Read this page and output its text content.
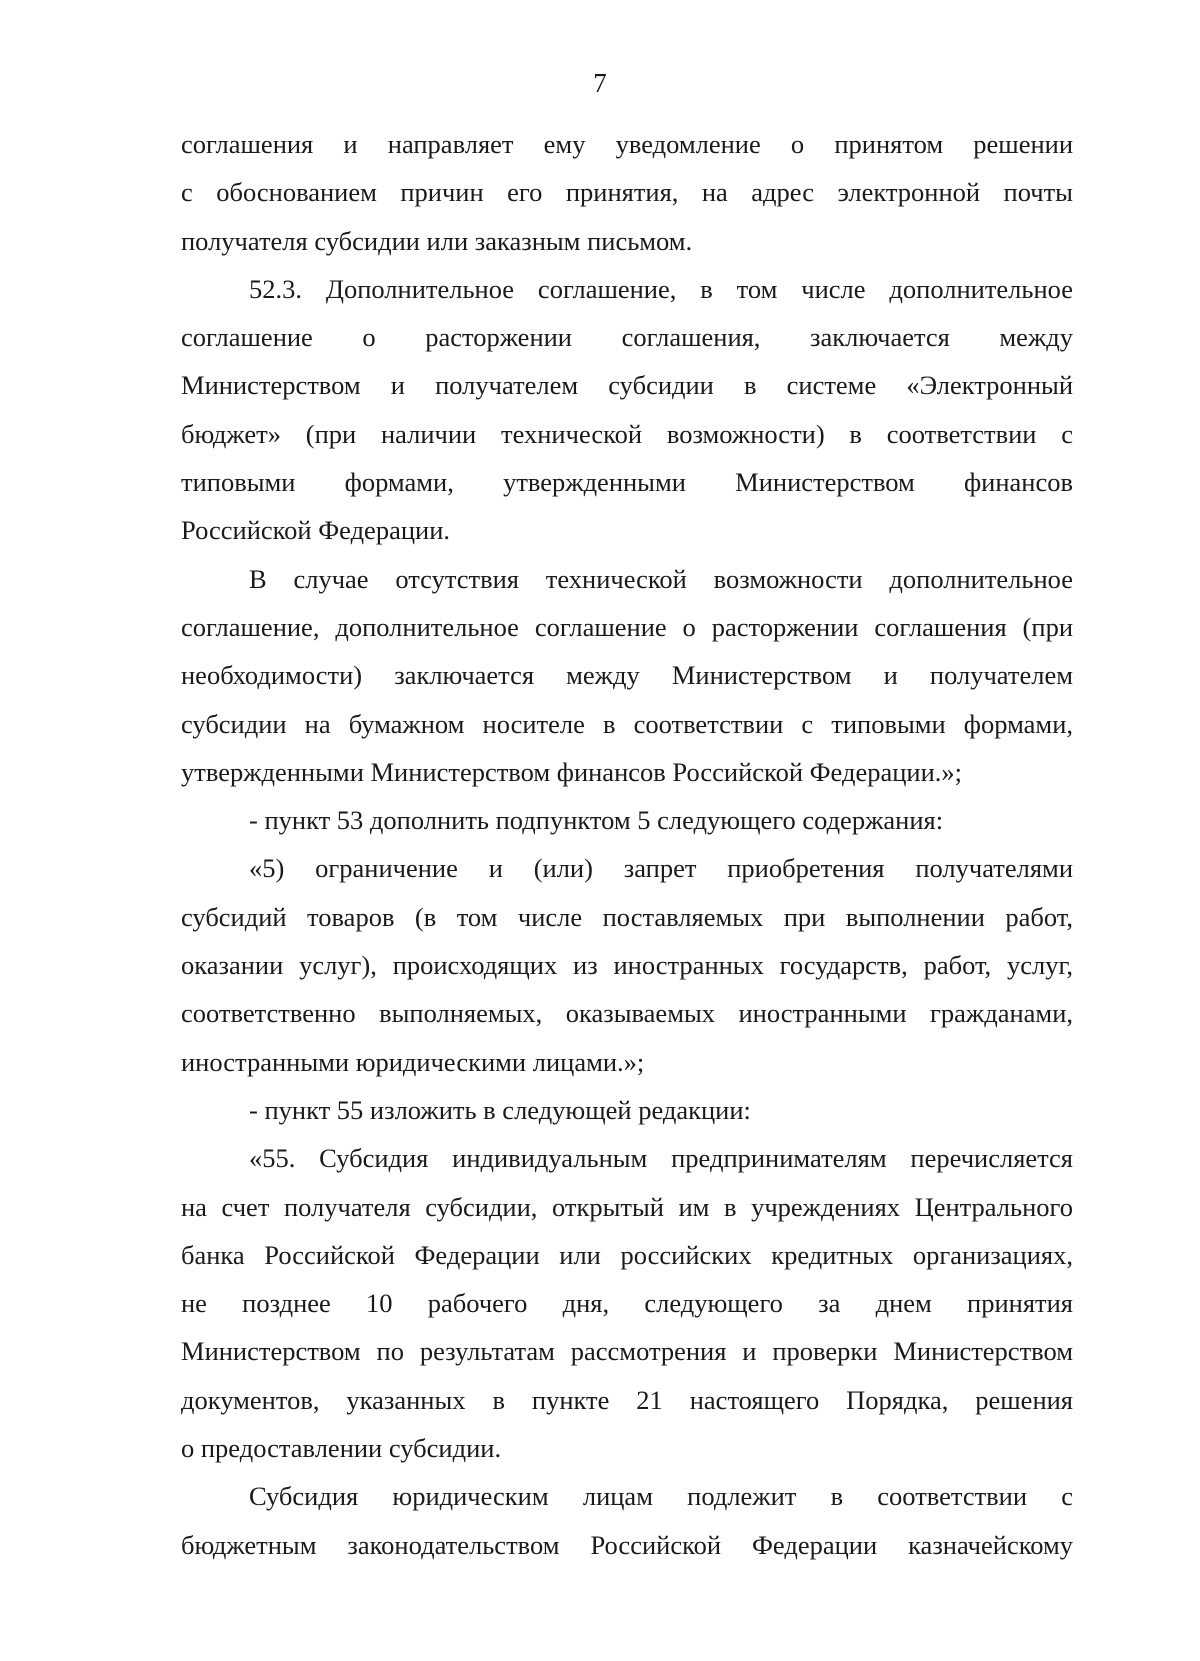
7
соглашения и направляет ему уведомление о принятом решении
с обоснованием причин его принятия, на адрес электронной почты
получателя субсидии или заказным письмом.
52.3. Дополнительное соглашение, в том числе дополнительное
соглашение о расторжении соглашения, заключается между
Министерством и получателем субсидии в системе «Электронный
бюджет» (при наличии технической возможности) в соответствии с
типовыми формами, утвержденными Министерством финансов
Российской Федерации.
В случае отсутствия технической возможности дополнительное
соглашение, дополнительное соглашение о расторжении соглашения (при
необходимости) заключается между Министерством и получателем
субсидии на бумажном носителе в соответствии с типовыми формами,
утвержденными Министерством финансов Российской Федерации.»;
- пункт 53 дополнить подпунктом 5 следующего содержания:
«5) ограничение и (или) запрет приобретения получателями
субсидий товаров (в том числе поставляемых при выполнении работ,
оказании услуг), происходящих из иностранных государств, работ, услуг,
соответственно выполняемых, оказываемых иностранными гражданами,
иностранными юридическими лицами.»;
- пункт 55 изложить в следующей редакции:
«55. Субсидия индивидуальным предпринимателям перечисляется
на счет получателя субсидии, открытый им в учреждениях Центрального
банка Российской Федерации или российских кредитных организациях,
не позднее 10 рабочего дня, следующего за днем принятия
Министерством по результатам рассмотрения и проверки Министерством
документов, указанных в пункте 21 настоящего Порядка, решения
о предоставлении субсидии.
Субсидия юридическим лицам подлежит в соответствии с
бюджетным законодательством Российской Федерации казначейскому
